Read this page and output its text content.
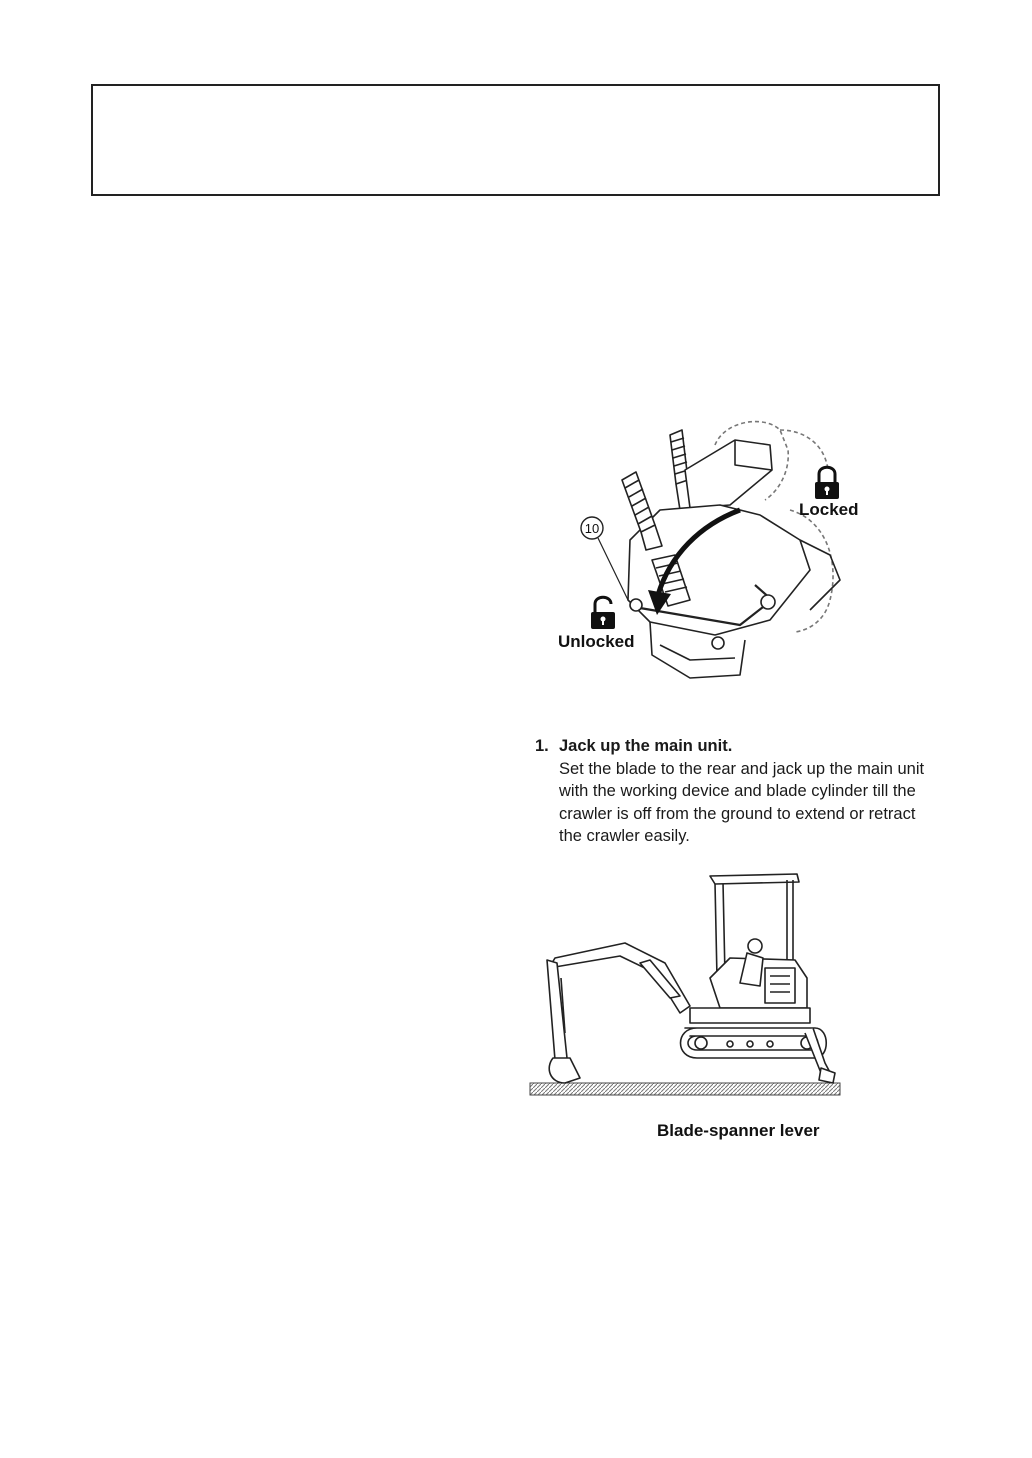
10
Locked
Unlocked
1. Jack up the main unit.
Set the blade to the rear and jack up the main unit with the working device and blade cylinder till the crawler is off from the ground to extend or retract the crawler easily.
Blade-spanner lever
